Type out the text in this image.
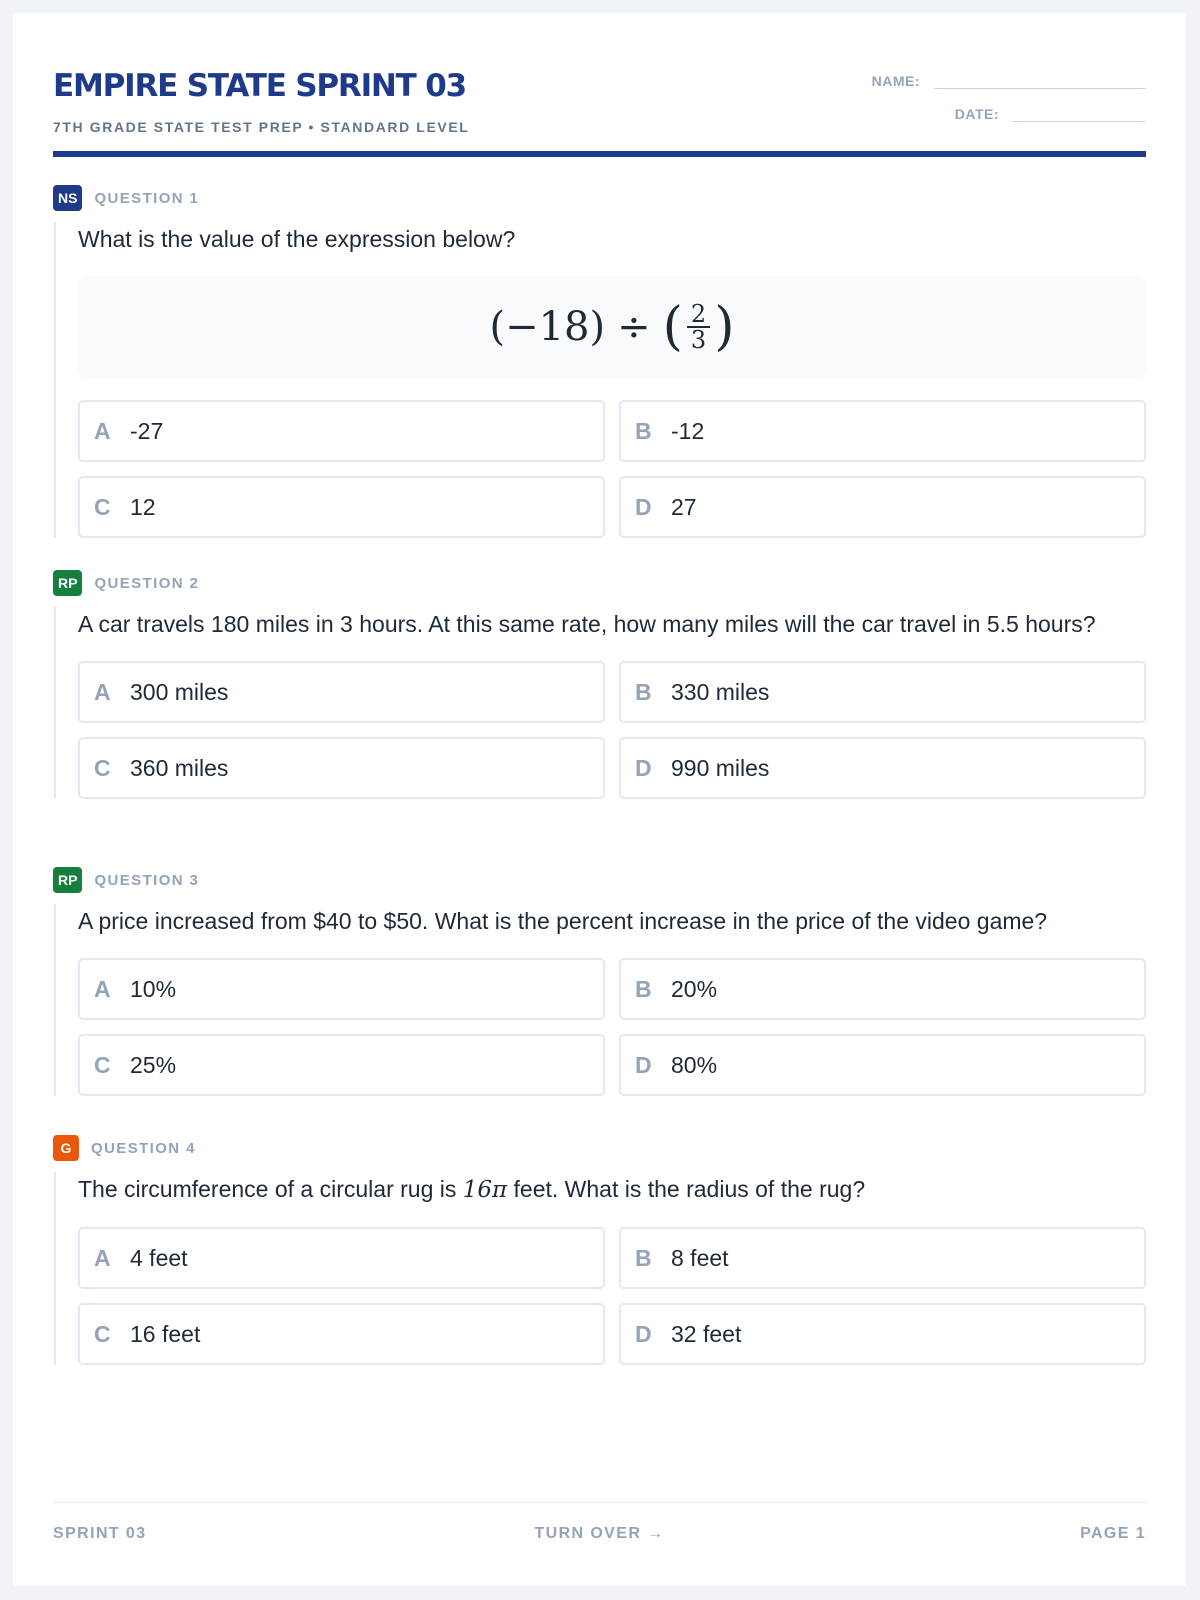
EMPIRE STATE SPRINT 03
7TH GRADE STATE TEST PREP • STANDARD LEVEL
NAME:
DATE:
NS	QUESTION 1

What is the value of the expression below?

(−18) ÷ ( $\frac{2}{3}$ )
A -27	B -12
C 12	D 27
RP	QUESTION 2

A car travels 180 miles in 3 hours. At this same rate, how many miles will the car travel in 5.5 hours?

A 300 miles	B 330 miles
C 360 miles	D 990 miles
RP	QUESTION 3

A price increased from $40 to $50. What is the percent increase in the price of the video game?

A 10%	B 20%
C 25%	D 80%
G	QUESTION 4

The circumference of a circular rug is 16π feet. What is the radius of the rug?

A 4 feet	B 8 feet
C 16 feet	D 32 feet
SPRINT 03	TURN OVER →	PAGE 1
